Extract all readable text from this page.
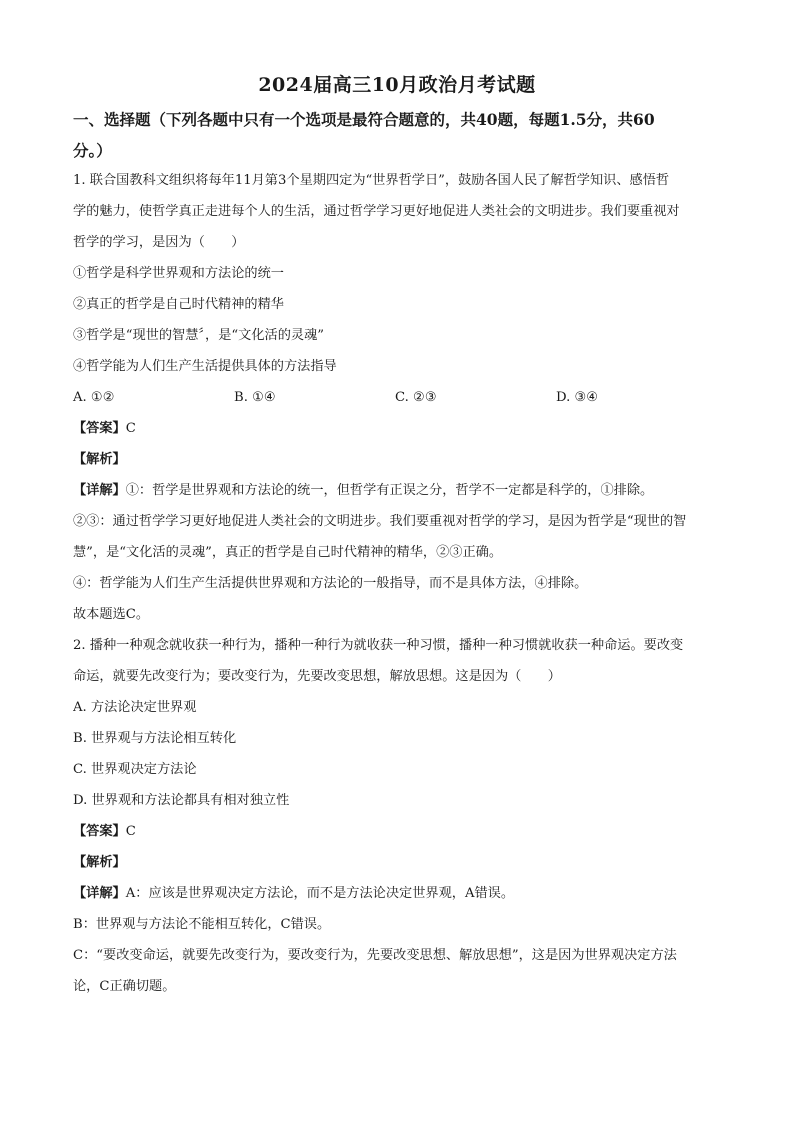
2024届高三10月政治月考试题
一、选择题（下列各题中只有一个选项是最符合题意的，共40题，每题1.5分，共60
分。）
1. 联合国教科文组织将每年11月第3个星期四定为“世界哲学日”，鼓励各国人民了解哲学知识、感悟哲
学的魅力，使哲学真正走进每个人的生活，通过哲学学习更好地促进人类社会的文明进步。我们要重视对
哲学的学习，是因为（　　）
①哲学是科学世界观和方法论的统一
②真正的哲学是自己时代精神的精华
③哲学是“现世的智慧〞，是“文化活的灵魂”
④哲学能为人们生产生活提供具体的方法指导
A. ①②	B. ①④	C. ②③	D. ③④
【答案】C
【解析】
【详解】①：哲学是世界观和方法论的统一，但哲学有正误之分，哲学不一定都是科学的，①排除。
②③：通过哲学学习更好地促进人类社会的文明进步。我们要重视对哲学的学习，是因为哲学是“现世的智
慧”，是“文化活的灵魂”，真正的哲学是自己时代精神的精华，②③正确。
④：哲学能为人们生产生活提供世界观和方法论的一般指导，而不是具体方法，④排除。
故本题选C。
2. 播种一种观念就收获一种行为，播种一种行为就收获一种习惯，播种一种习惯就收获一种命运。要改变
命运，就要先改变行为；要改变行为，先要改变思想，解放思想。这是因为（　　）
A. 方法论决定世界观
B. 世界观与方法论相互转化
C. 世界观决定方法论
D. 世界观和方法论都具有相对独立性
【答案】C
【解析】
【详解】A：应该是世界观决定方法论，而不是方法论决定世界观，A错误。
B：世界观与方法论不能相互转化，C错误。
C：“要改变命运，就要先改变行为，要改变行为，先要改变思想、解放思想”，这是因为世界观决定方法
论，C正确切题。
